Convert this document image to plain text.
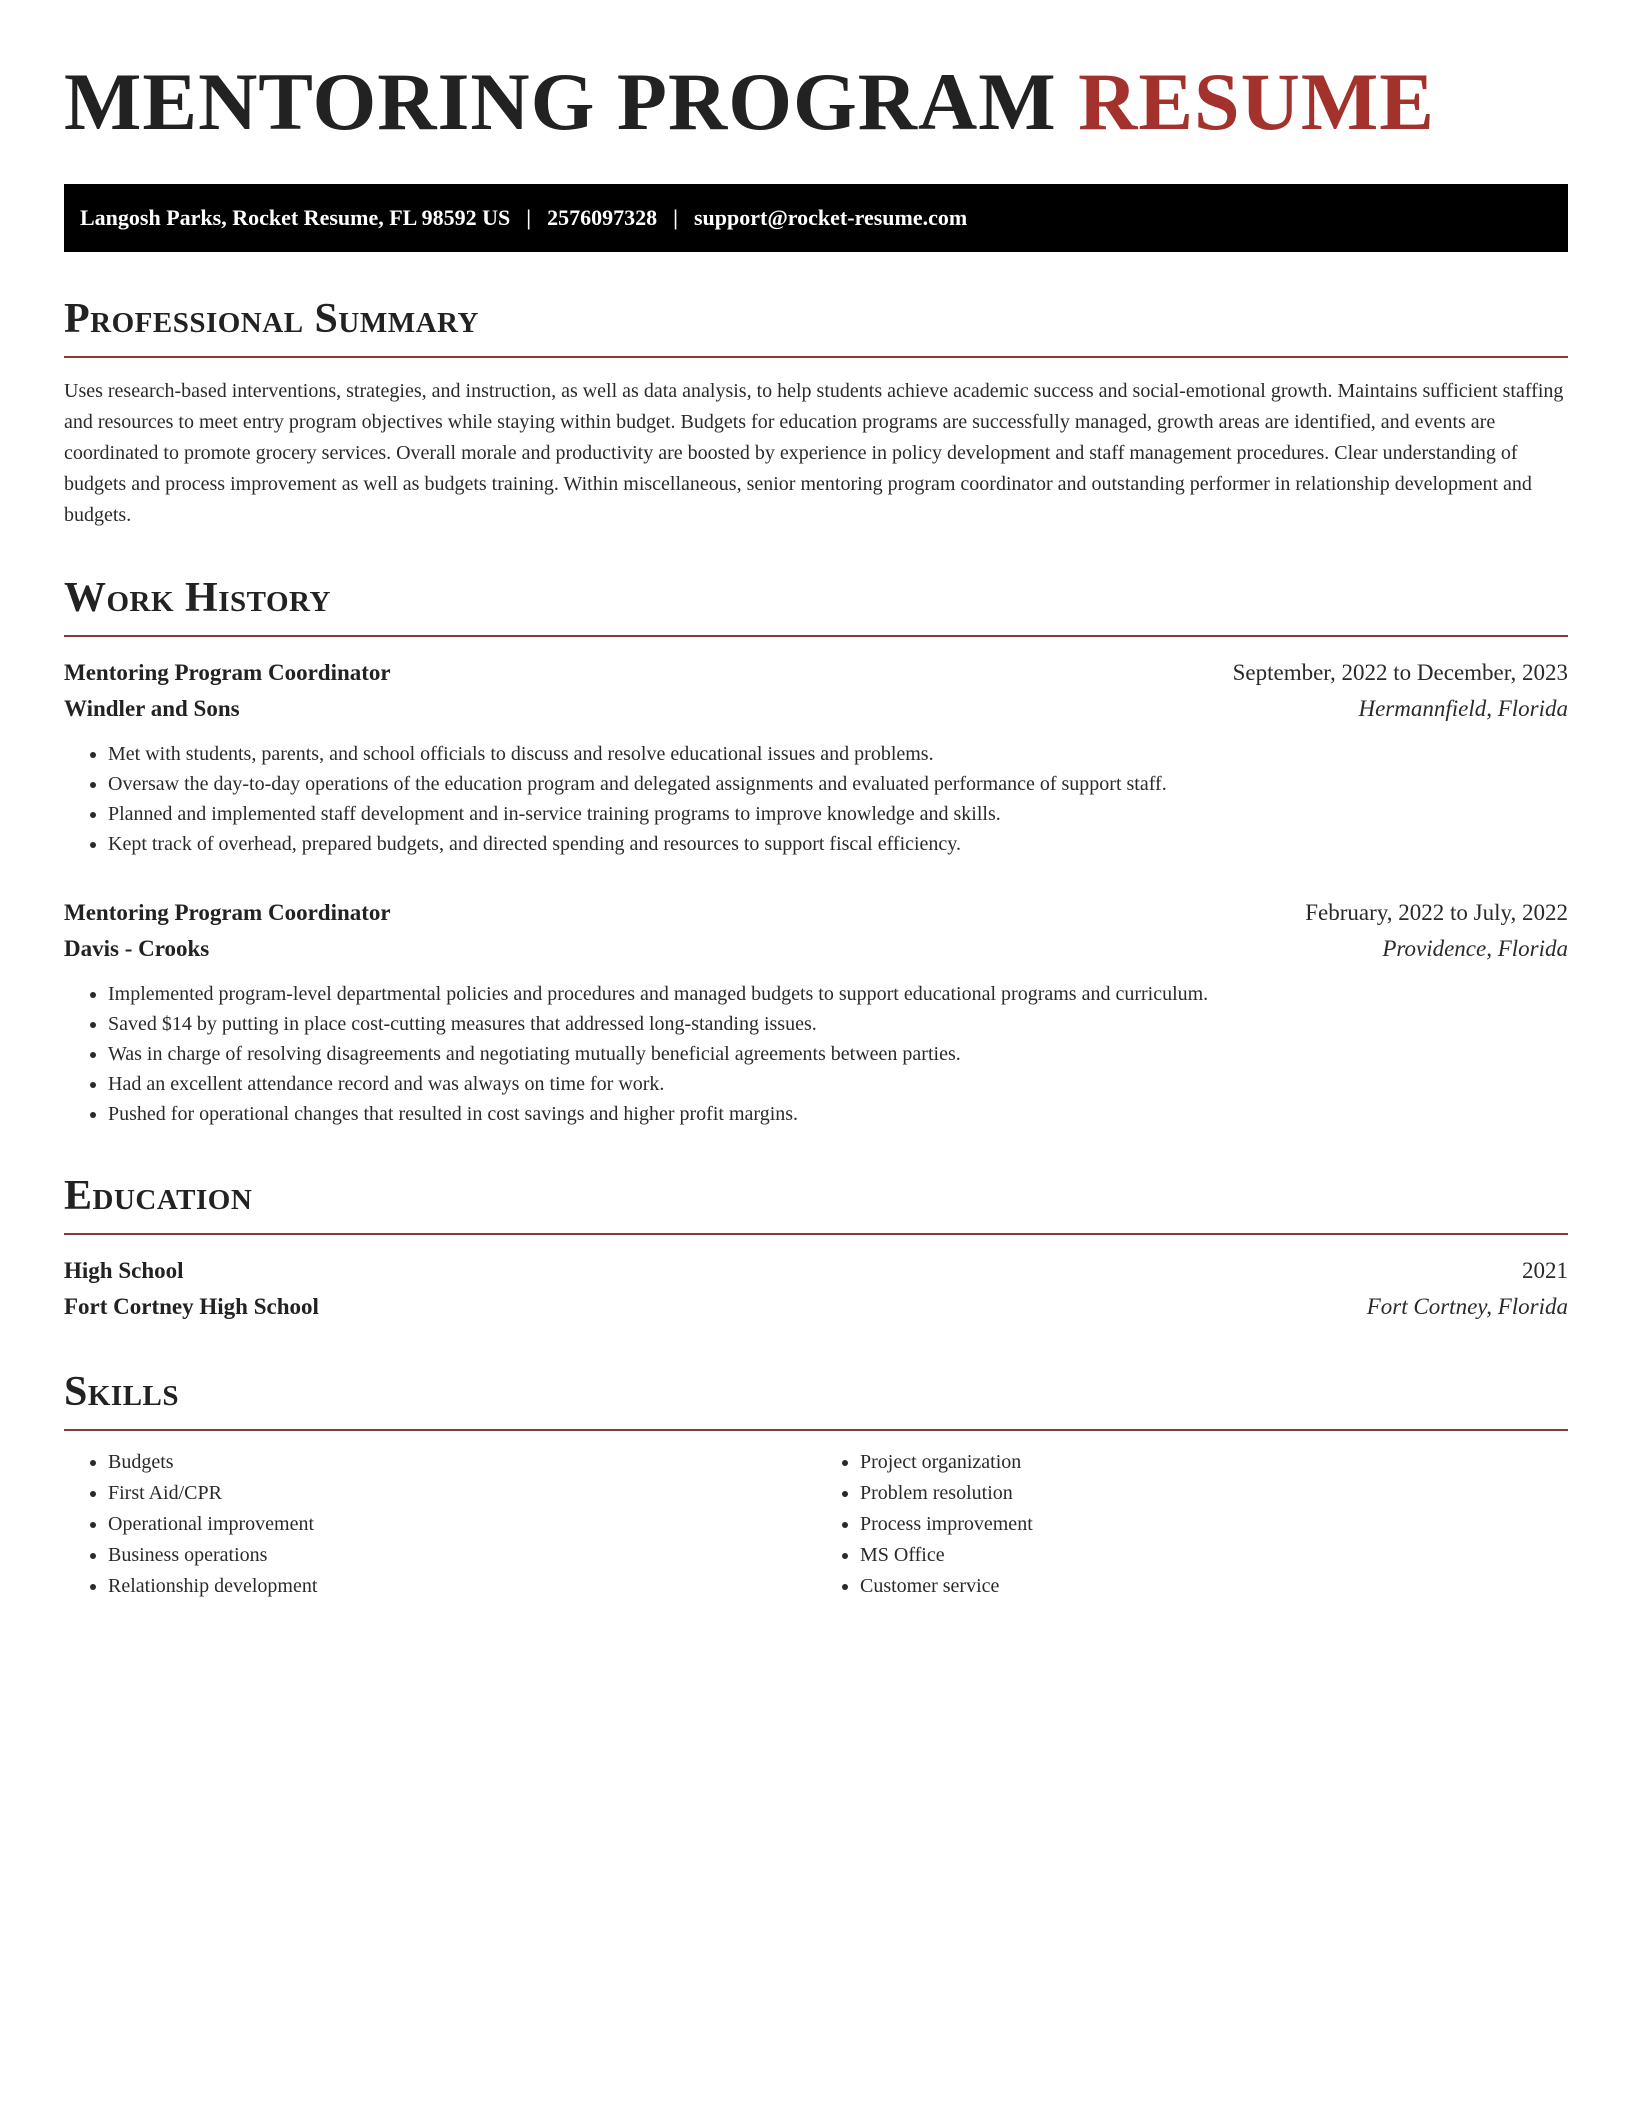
MENTORING PROGRAM RESUME
Langosh Parks, Rocket Resume, FL 98592 US | 2576097328 | support@rocket-resume.com
Professional Summary

Uses research-based interventions, strategies, and instruction, as well as data analysis, to help students achieve academic success and social-emotional growth. Maintains sufficient staffing and resources to meet entry program objectives while staying within budget. Budgets for education programs are successfully managed, growth areas are identified, and events are coordinated to promote grocery services. Overall morale and productivity are boosted by experience in policy development and staff management procedures. Clear understanding of budgets and process improvement as well as budgets training. Within miscellaneous, senior mentoring program coordinator and outstanding performer in relationship development and budgets.

Work History
Mentoring Program Coordinator	September, 2022 to December, 2023
Windler and Sons	Hermannfield, Florida
• Met with students, parents, and school officials to discuss and resolve educational issues and problems.
• Oversaw the day-to-day operations of the education program and delegated assignments and evaluated performance of support staff.
• Planned and implemented staff development and in-service training programs to improve knowledge and skills.
• Kept track of overhead, prepared budgets, and directed spending and resources to support fiscal efficiency.
Mentoring Program Coordinator	February, 2022 to July, 2022
Davis - Crooks	Providence, Florida
• Implemented program-level departmental policies and procedures and managed budgets to support educational programs and curriculum.
• Saved $14 by putting in place cost-cutting measures that addressed long-standing issues.
• Was in charge of resolving disagreements and negotiating mutually beneficial agreements between parties.
• Had an excellent attendance record and was always on time for work.
• Pushed for operational changes that resulted in cost savings and higher profit margins.
Education
High School	2021
Fort Cortney High School	Fort Cortney, Florida
Skills
• Budgets
• First Aid/CPR
• Operational improvement
• Business operations
• Relationship development
• Project organization
• Problem resolution
• Process improvement
• MS Office
• Customer service
